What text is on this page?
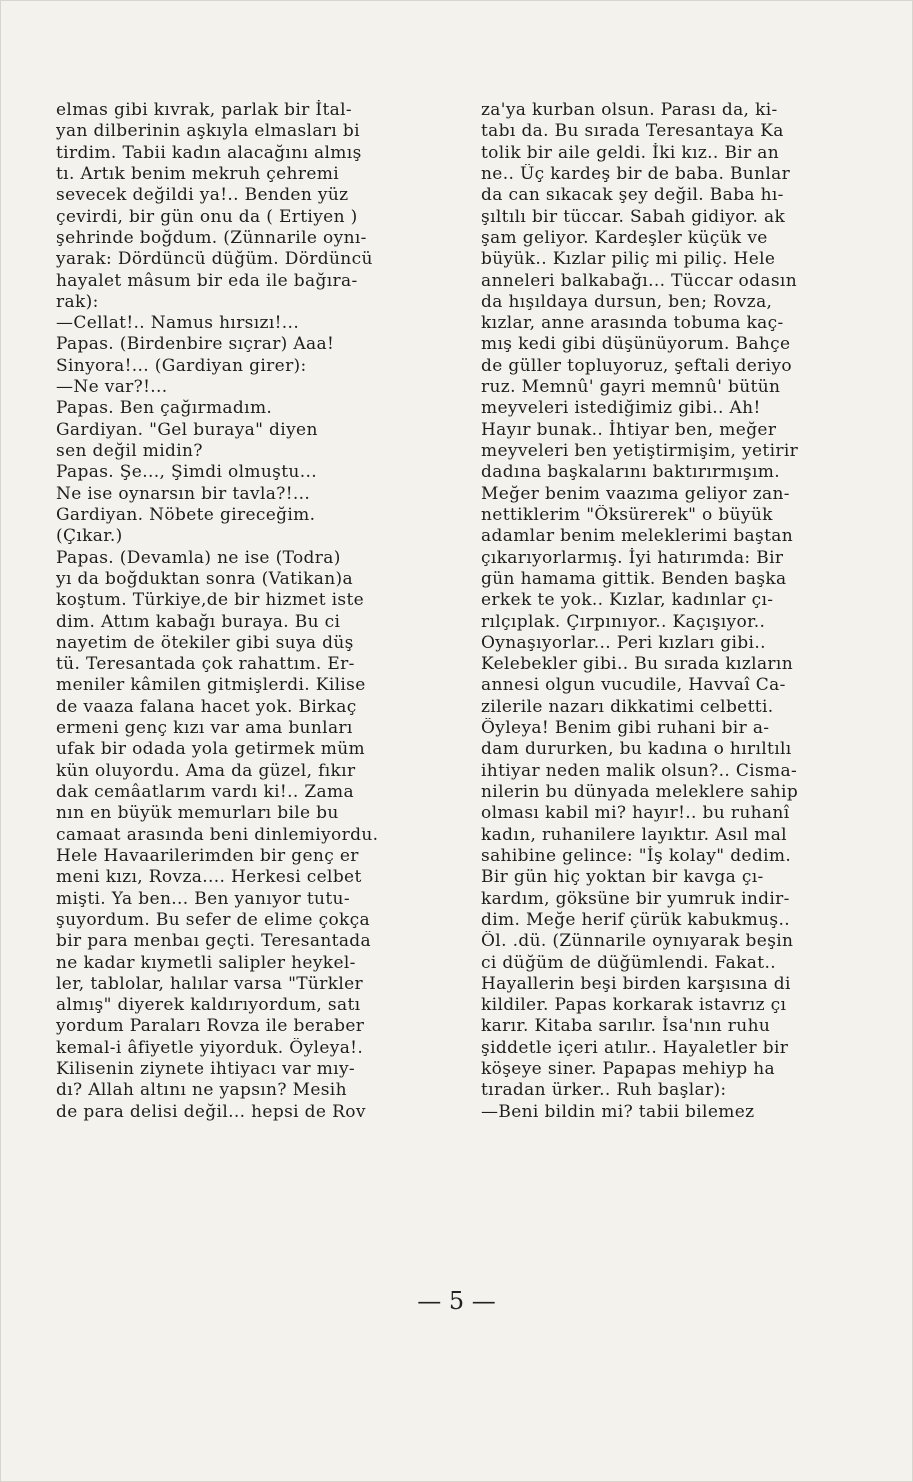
elmas gibi kıvrak, parlak bir İtal-
yan dilberinin aşkıyla elmasları bi
tirdim. Tabii kadın alacağını almış
tı. Artık benim mekruh çehremi
sevecek değildi ya!.. Benden yüz
çevirdi, bir gün onu da ( Ertiyen )
şehrinde boğdum. (Zünnarile oynı-
yarak: Dördüncü düğüm. Dördüncü
hayalet mâsum bir eda ile bağıra-
rak):
—Cellat!.. Namus hırsızı!...
Papas. (Birdenbire sıçrar) Aaa!
Sinyora!... (Gardiyan girer):
—Ne var?!...
Papas. Ben çağırmadım.
Gardiyan. "Gel buraya" diyen
sen değil midin?
Papas. Şe..., Şimdi olmuştu...
Ne ise oynarsın bir tavla?!...
Gardiyan. Nöbete gireceğim.
(Çıkar.)
Papas. (Devamla) ne ise (Todra)
yı da boğduktan sonra (Vatikan)a
koştum. Türkiye,de bir hizmet iste
dim. Attım kabağı buraya. Bu ci
nayetim de ötekiler gibi suya düş
tü. Teresantada çok rahattım. Er-
meniler kâmilen gitmişlerdi. Kilise
de vaaza falana hacet yok. Birkaç
ermeni genç kızı var ama bunları
ufak bir odada yola getirmek müm
kün oluyordu. Ama da güzel, fıkır
dak cemâatlarım vardı ki!.. Zama
nın en büyük memurları bile bu
camaat arasında beni dinlemiyordu.
Hele Havaarilerimden bir genç er
meni kızı, Rovza.... Herkesi celbet
mişti. Ya ben... Ben yanıyor tutu-
şuyordum. Bu sefer de elime çokça
bir para menbaı geçti. Teresantada
ne kadar kıymetli salipler heykel-
ler, tablolar, halılar varsa "Türkler
almış" diyerek kaldırıyordum, satı
yordum Paraları Rovza ile beraber
kemal-i âfiyetle yiyorduk. Öyleya!.
Kilisenin ziynete ihtiyacı var mıy-
dı? Allah altını ne yapsın? Mesih
de para delisi değil... hepsi de Rov
za'ya kurban olsun. Parası da, ki-
tabı da. Bu sırada Teresantaya Ka
tolik bir aile geldi. İki kız.. Bir an
ne.. Üç kardeş bir de baba. Bunlar
da can sıkacak şey değil. Baba hı-
şıltılı bir tüccar. Sabah gidiyor. ak
şam geliyor. Kardeşler küçük ve
büyük.. Kızlar piliç mi piliç. Hele
anneleri balkabağı... Tüccar odasın
da hışıldaya dursun, ben; Rovza,
kızlar, anne arasında tobuma kaç-
mış kedi gibi düşünüyorum. Bahçe
de güller topluyoruz, şeftali deriyo
ruz. Memnû' gayri memnû' bütün
meyveleri istediğimiz gibi.. Ah!
Hayır bunak.. İhtiyar ben, meğer
meyveleri ben yetiştirmişim, yetirir
dadına başkalarını baktırırmışım.
Meğer benim vaazıma geliyor zan-
nettiklerim "Öksürerek" o büyük
adamlar benim meleklerimi baştan
çıkarıyorlarmış. İyi hatırımda: Bir
gün hamama gittik. Benden başka
erkek te yok.. Kızlar, kadınlar çı-
rılçıplak. Çırpınıyor.. Kaçışıyor..
Oynaşıyorlar... Peri kızları gibi..
Kelebekler gibi.. Bu sırada kızların
annesi olgun vucudile, Havvaî Ca-
zilerile nazarı dikkatimi celbetti.
Öyleya! Benim gibi ruhani bir a-
dam dururken, bu kadına o hırıltılı
ihtiyar neden malik olsun?.. Cisma-
nilerin bu dünyada meleklere sahip
olması kabil mi? hayır!.. bu ruhanî
kadın, ruhanilere layıktır. Asıl mal
sahibine gelince: "İş kolay" dedim.
Bir gün hiç yoktan bir kavga çı-
kardım, göksüne bir yumruk indir-
dim. Meğe herif çürük kabukmuş..
Öl. .dü. (Zünnarile oynıyarak beşin
ci düğüm de düğümlendi. Fakat..
Hayallerin beşi birden karşısına di
kildiler. Papas korkarak istavrız çı
karır. Kitaba sarılır. İsa'nın ruhu
şiddetle içeri atılır.. Hayaletler bir
köşeye siner. Papapas mehiyp ha
tıradan ürker.. Ruh başlar):
—Beni bildin mi? tabii bilemez
— 5 —
